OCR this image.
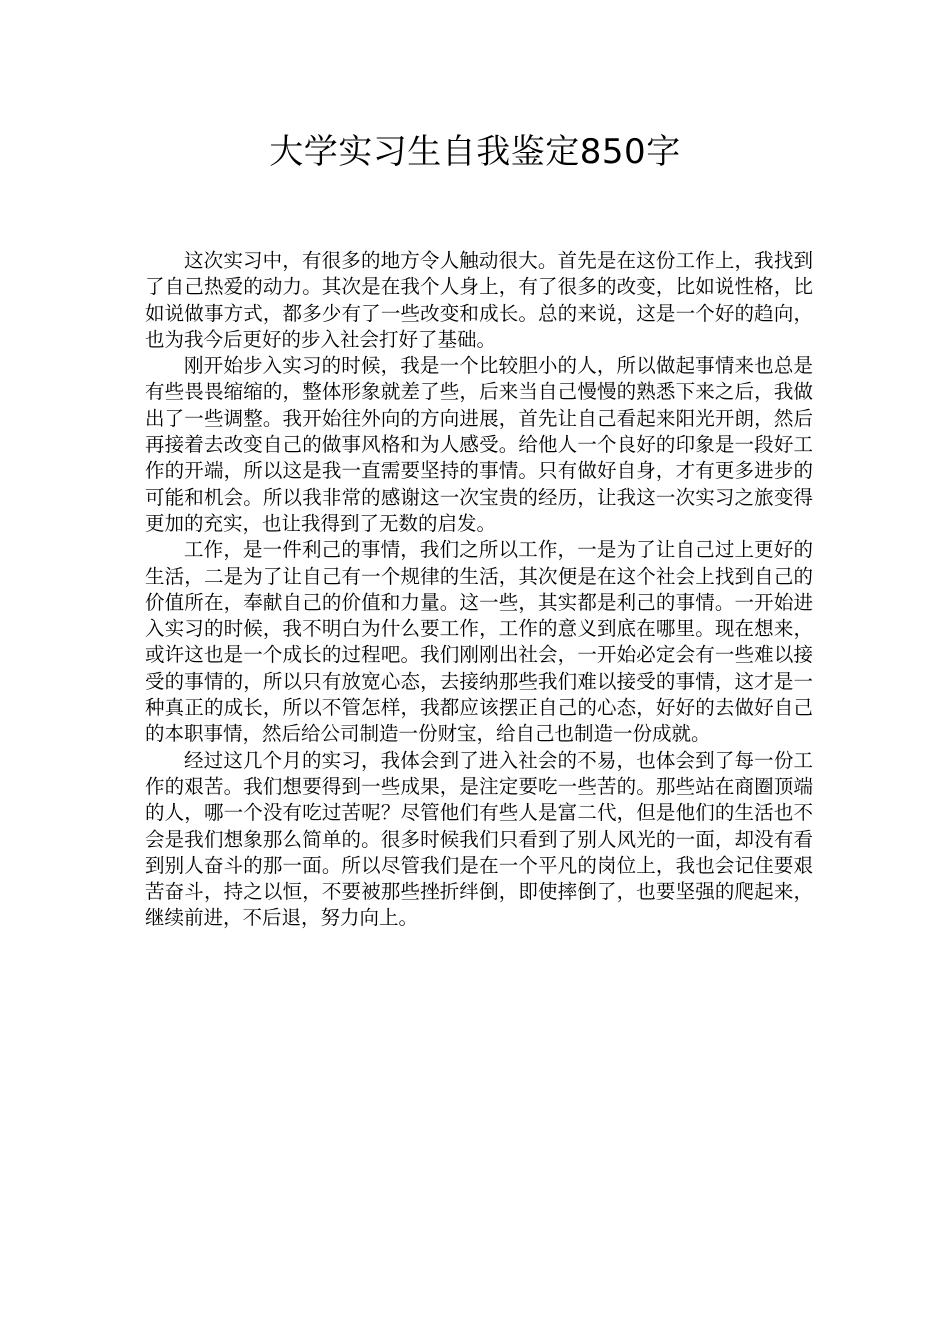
大学实习生自我鉴定850字

这次实习中，有很多的地方令人触动很大。首先是在这份工作上，我找到了自己热爱的动力。其次是在我个人身上，有了很多的改变，比如说性格，比如说做事方式，都多少有了一些改变和成长。总的来说，这是一个好的趋向，也为我今后更好的步入社会打好了基础。

刚开始步入实习的时候，我是一个比较胆小的人，所以做起事情来也总是有些畏畏缩缩的，整体形象就差了些，后来当自己慢慢的熟悉下来之后，我做出了一些调整。我开始往外向的方向进展，首先让自己看起来阳光开朗，然后再接着去改变自己的做事风格和为人感受。给他人一个良好的印象是一段好工作的开端，所以这是我一直需要坚持的事情。只有做好自身，才有更多进步的可能和机会。所以我非常的感谢这一次宝贵的经历，让我这一次实习之旅变得更加的充实，也让我得到了无数的启发。

工作，是一件利己的事情，我们之所以工作，一是为了让自己过上更好的生活，二是为了让自己有一个规律的生活，其次便是在这个社会上找到自己的价值所在，奉献自己的价值和力量。这一些，其实都是利己的事情。一开始进入实习的时候，我不明白为什么要工作，工作的意义到底在哪里。现在想来，或许这也是一个成长的过程吧。我们刚刚出社会，一开始必定会有一些难以接受的事情的，所以只有放宽心态，去接纳那些我们难以接受的事情，这才是一种真正的成长，所以不管怎样，我都应该摆正自己的心态，好好的去做好自己的本职事情，然后给公司制造一份财宝，给自己也制造一份成就。

经过这几个月的实习，我体会到了进入社会的不易，也体会到了每一份工作的艰苦。我们想要得到一些成果，是注定要吃一些苦的。那些站在商圈顶端的人，哪一个没有吃过苦呢？尽管他们有些人是富二代，但是他们的生活也不会是我们想象那么简单的。很多时候我们只看到了别人风光的一面，却没有看到别人奋斗的那一面。所以尽管我们是在一个平凡的岗位上，我也会记住要艰苦奋斗，持之以恒，不要被那些挫折绊倒，即使摔倒了，也要坚强的爬起来，继续前进，不后退，努力向上。
